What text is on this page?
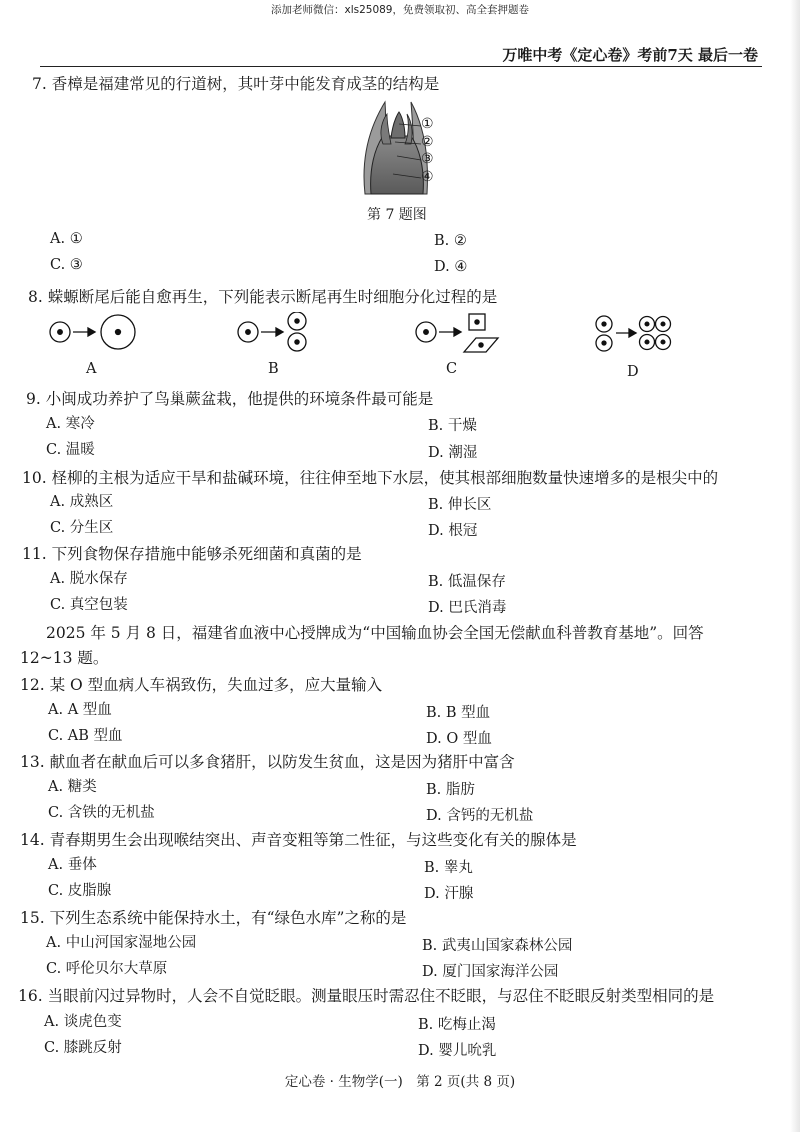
添加老师微信：xls25089，免费领取初、高全套押题卷
万唯中考《定心卷》考前7天 最后一卷
7. 香樟是福建常见的行道树，其叶芽中能发育成茎的结构是
①
②
③
④
第 7 题图
A. ①	B. ②
C. ③	D. ④
8. 蝾螈断尾后能自愈再生，下列能表示断尾再生时细胞分化过程的是
A	B	C	D
9. 小闽成功养护了鸟巢蕨盆栽，他提供的环境条件最可能是
A. 寒冷	B. 干燥
C. 温暖	D. 潮湿
10. 柽柳的主根为适应干旱和盐碱环境，往往伸至地下水层，使其根部细胞数量快速增多的是根尖中的
A. 成熟区	B. 伸长区
C. 分生区	D. 根冠
11. 下列食物保存措施中能够杀死细菌和真菌的是
A. 脱水保存	B. 低温保存
C. 真空包装	D. 巴氏消毒
2025 年 5 月 8 日，福建省血液中心授牌成为“中国输血协会全国无偿献血科普教育基地”。回答
12~13 题。
12. 某 O 型血病人车祸致伤，失血过多，应大量输入
A. A 型血	B. B 型血
C. AB 型血	D. O 型血
13. 献血者在献血后可以多食猪肝，以防发生贫血，这是因为猪肝中富含
A. 糖类	B. 脂肪
C. 含铁的无机盐	D. 含钙的无机盐
14. 青春期男生会出现喉结突出、声音变粗等第二性征，与这些变化有关的腺体是
A. 垂体	B. 睾丸
C. 皮脂腺	D. 汗腺
15. 下列生态系统中能保持水土，有“绿色水库”之称的是
A. 中山河国家湿地公园	B. 武夷山国家森林公园
C. 呼伦贝尔大草原	D. 厦门国家海洋公园
16. 当眼前闪过异物时，人会不自觉眨眼。测量眼压时需忍住不眨眼，与忍住不眨眼反射类型相同的是
A. 谈虎色变	B. 吃梅止渴
C. 膝跳反射	D. 婴儿吮乳
定心卷 · 生物学(一)　第 2 页(共 8 页)
